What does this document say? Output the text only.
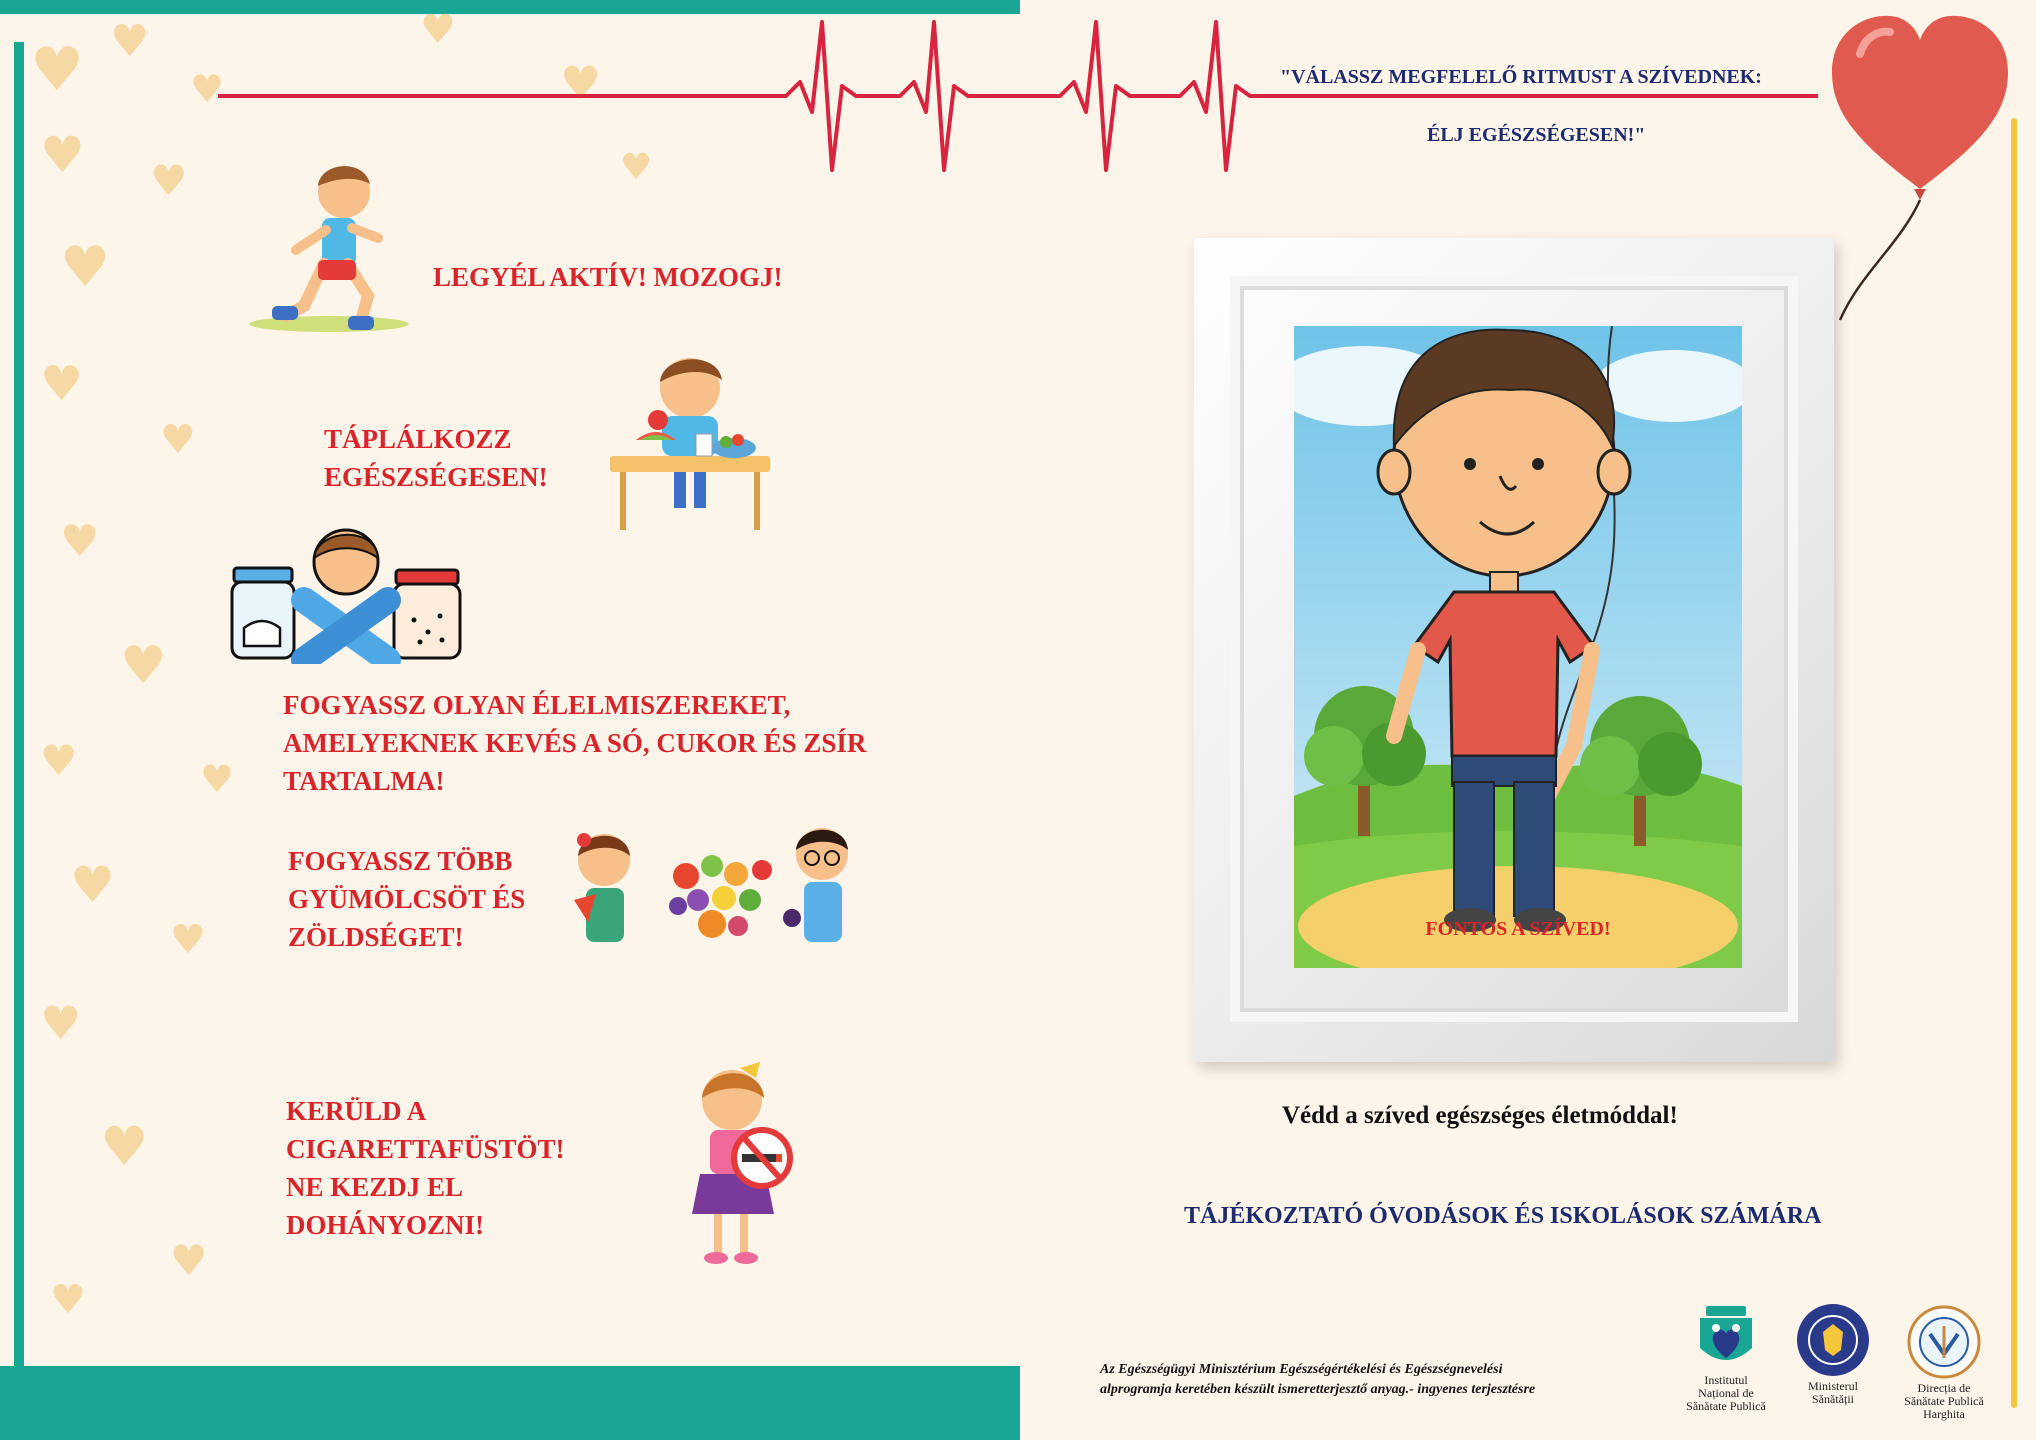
♥ ♥
♥
♥ ♥
♥
♥
♥
♥
♥
♥
♥
♥
♥	♥
♥
♥
♥
♥
♥
♥
"VÁLASSZ MEGFELELŐ RITMUST A SZÍVEDNEK:
ÉLJ EGÉSZSÉGESEN!"
LEGYÉL AKTÍV! MOZOGJ!
TÁPLÁLKOZZ
EGÉSZSÉGESEN!
FOGYASSZ OLYAN ÉLELMISZEREKET,
AMELYEKNEK KEVÉS A SÓ, CUKOR ÉS ZSÍR
TARTALMA!
FOGYASSZ TÖBB
GYÜMÖLCSÖT ÉS
ZÖLDSÉGET!
KERÜLD A
CIGARETTAFÜSTÖT!
NE KEZDJ EL
DOHÁNYOZNI!
FONTOS A SZÍVED!
Védd a szíved egészséges életmóddal!
TÁJÉKOZTATÓ ÓVODÁSOK ÉS ISKOLÁSOK SZÁMÁRA
Az Egészségügyi Minisztérium Egészségértékelési és Egészségnevelési
alprogramja keretében készült ismeretterjesztő anyag.- ingyenes terjesztésre
Institutul
Național de
Sănătate Publică
Ministerul
Sănătății
Direcția de
Sănătate Publică
Harghita
